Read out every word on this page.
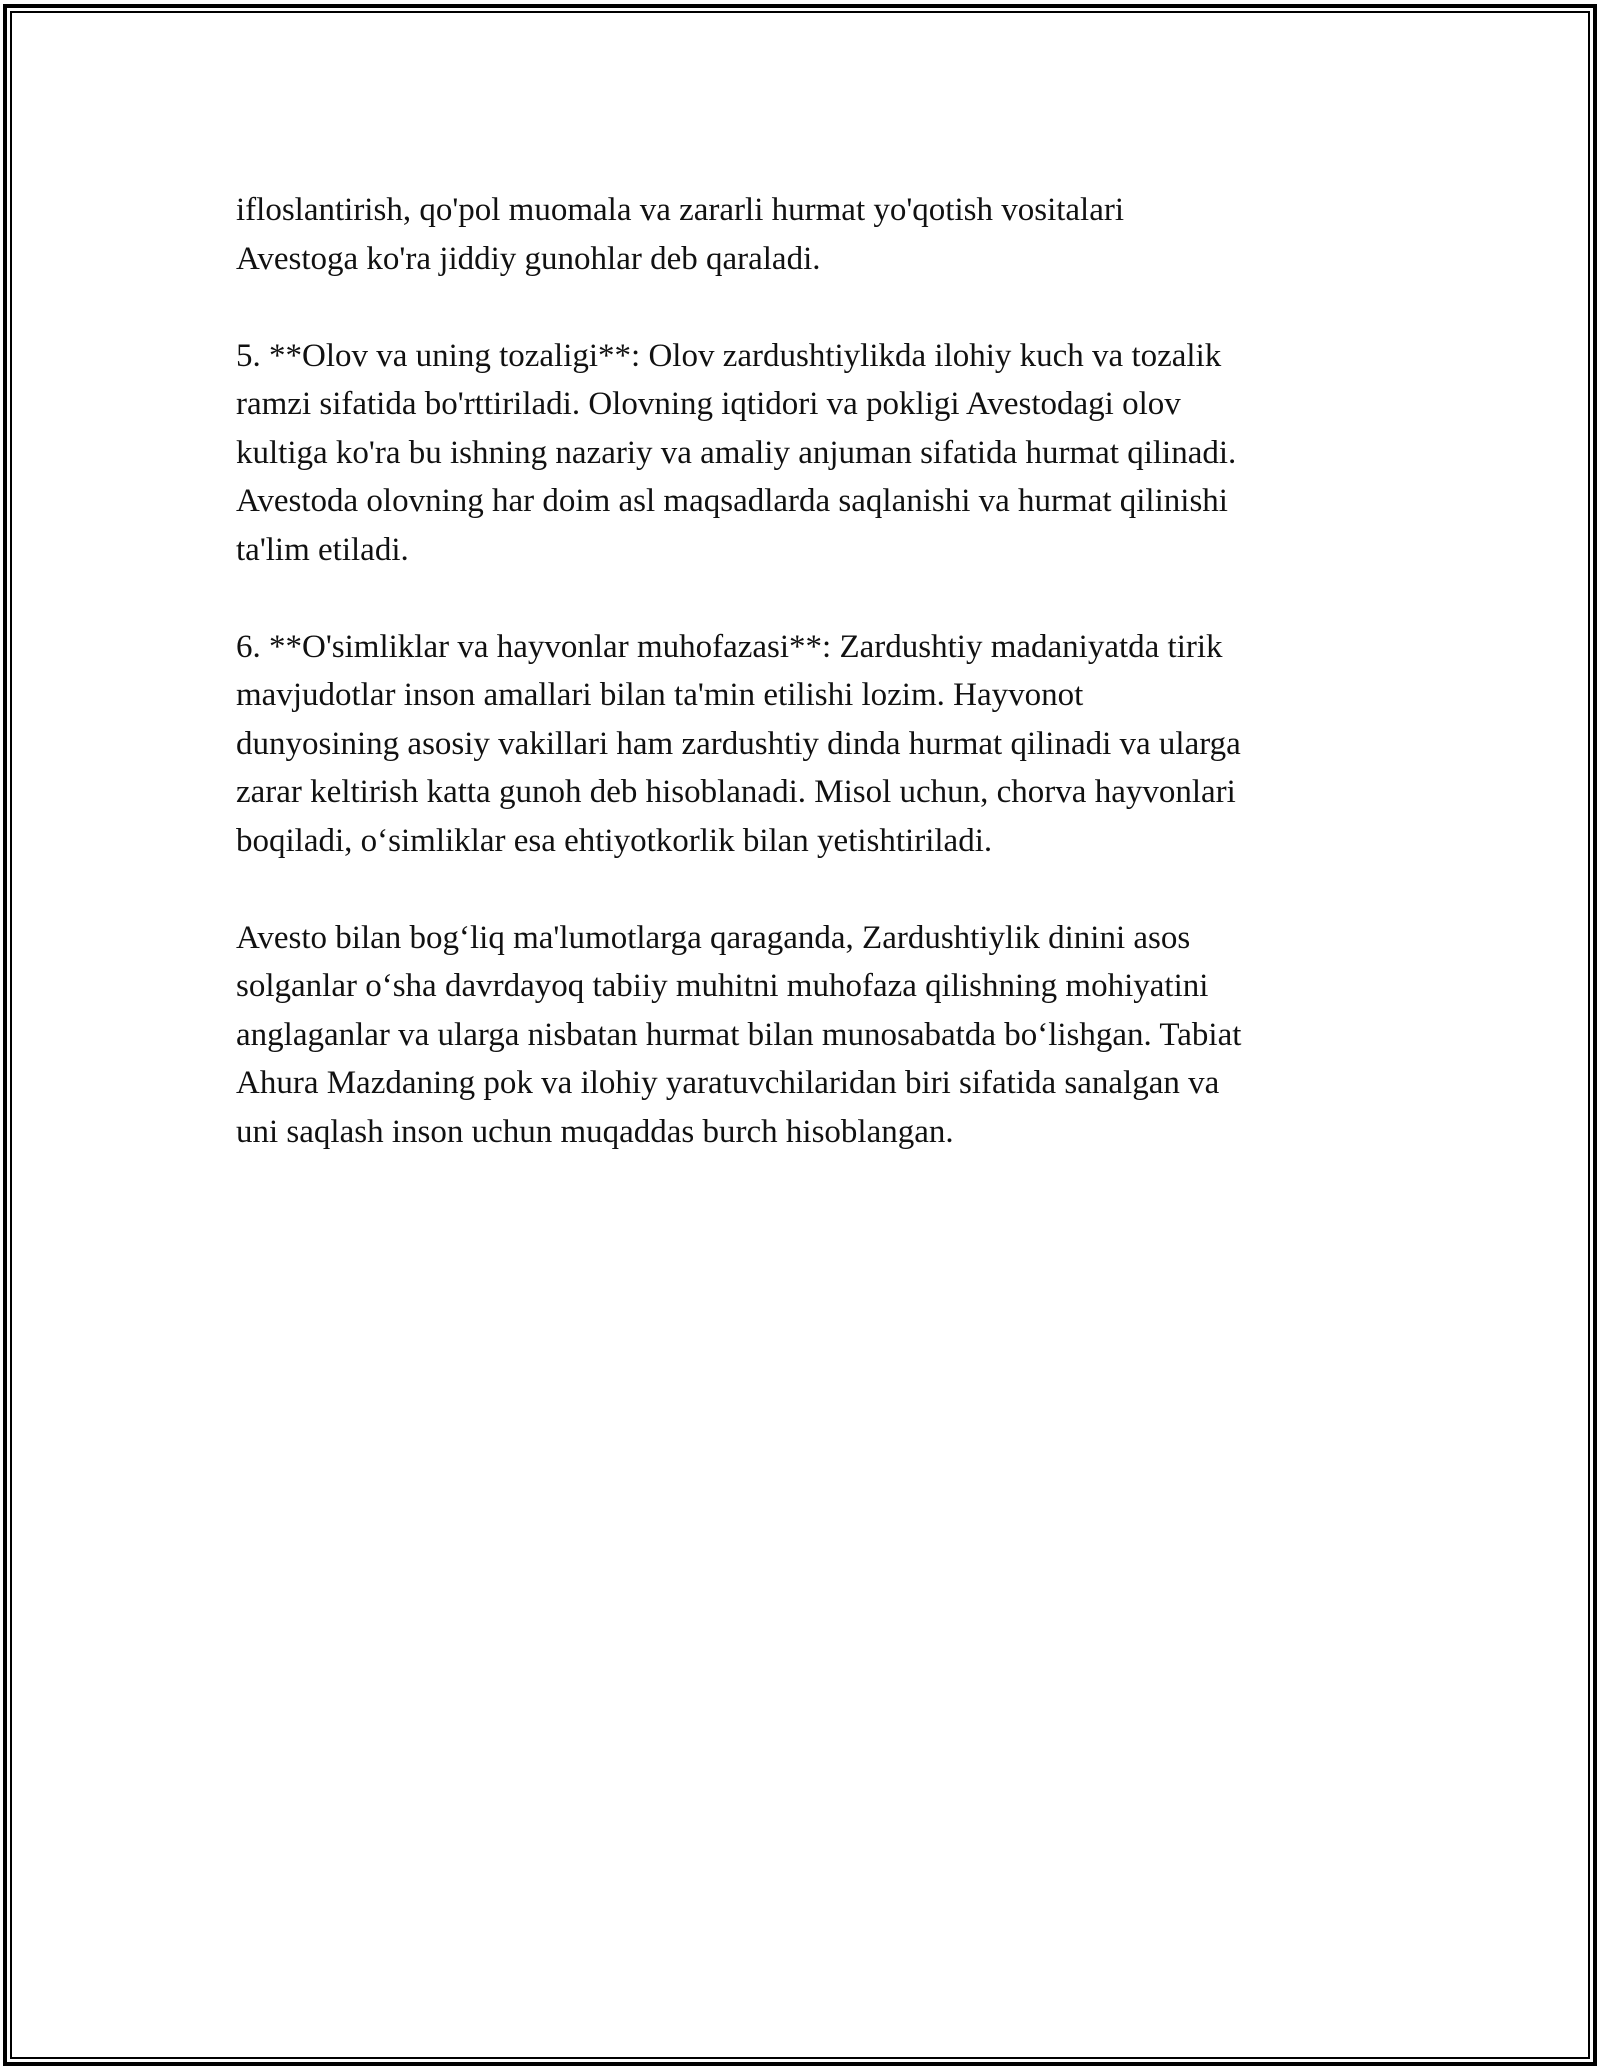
ifloslantirish, qo'pol muomala va zararli hurmat yo'qotish vositalari
Avestoga ko'ra jiddiy gunohlar deb qaraladi.

5. **Olov va uning tozaligi**: Olov zardushtiylikda ilohiy kuch va tozalik
ramzi sifatida bo'rttiriladi. Olovning iqtidori va pokligi Avestodagi olov
kultiga ko'ra bu ishning nazariy va amaliy anjuman sifatida hurmat qilinadi.
Avestoda olovning har doim asl maqsadlarda saqlanishi va hurmat qilinishi
ta'lim etiladi.

6. **O'simliklar va hayvonlar muhofazasi**: Zardushtiy madaniyatda tirik
mavjudotlar inson amallari bilan ta'min etilishi lozim. Hayvonot
dunyosining asosiy vakillari ham zardushtiy dinda hurmat qilinadi va ularga
zarar keltirish katta gunoh deb hisoblanadi. Misol uchun, chorva hayvonlari
boqiladi, o‘simliklar esa ehtiyotkorlik bilan yetishtiriladi.

Avesto bilan bog‘liq ma'lumotlarga qaraganda, Zardushtiylik dinini asos
solganlar o‘sha davrdayoq tabiiy muhitni muhofaza qilishning mohiyatini
anglaganlar va ularga nisbatan hurmat bilan munosabatda bo‘lishgan. Tabiat
Ahura Mazdaning pok va ilohiy yaratuvchilaridan biri sifatida sanalgan va
uni saqlash inson uchun muqaddas burch hisoblangan.
